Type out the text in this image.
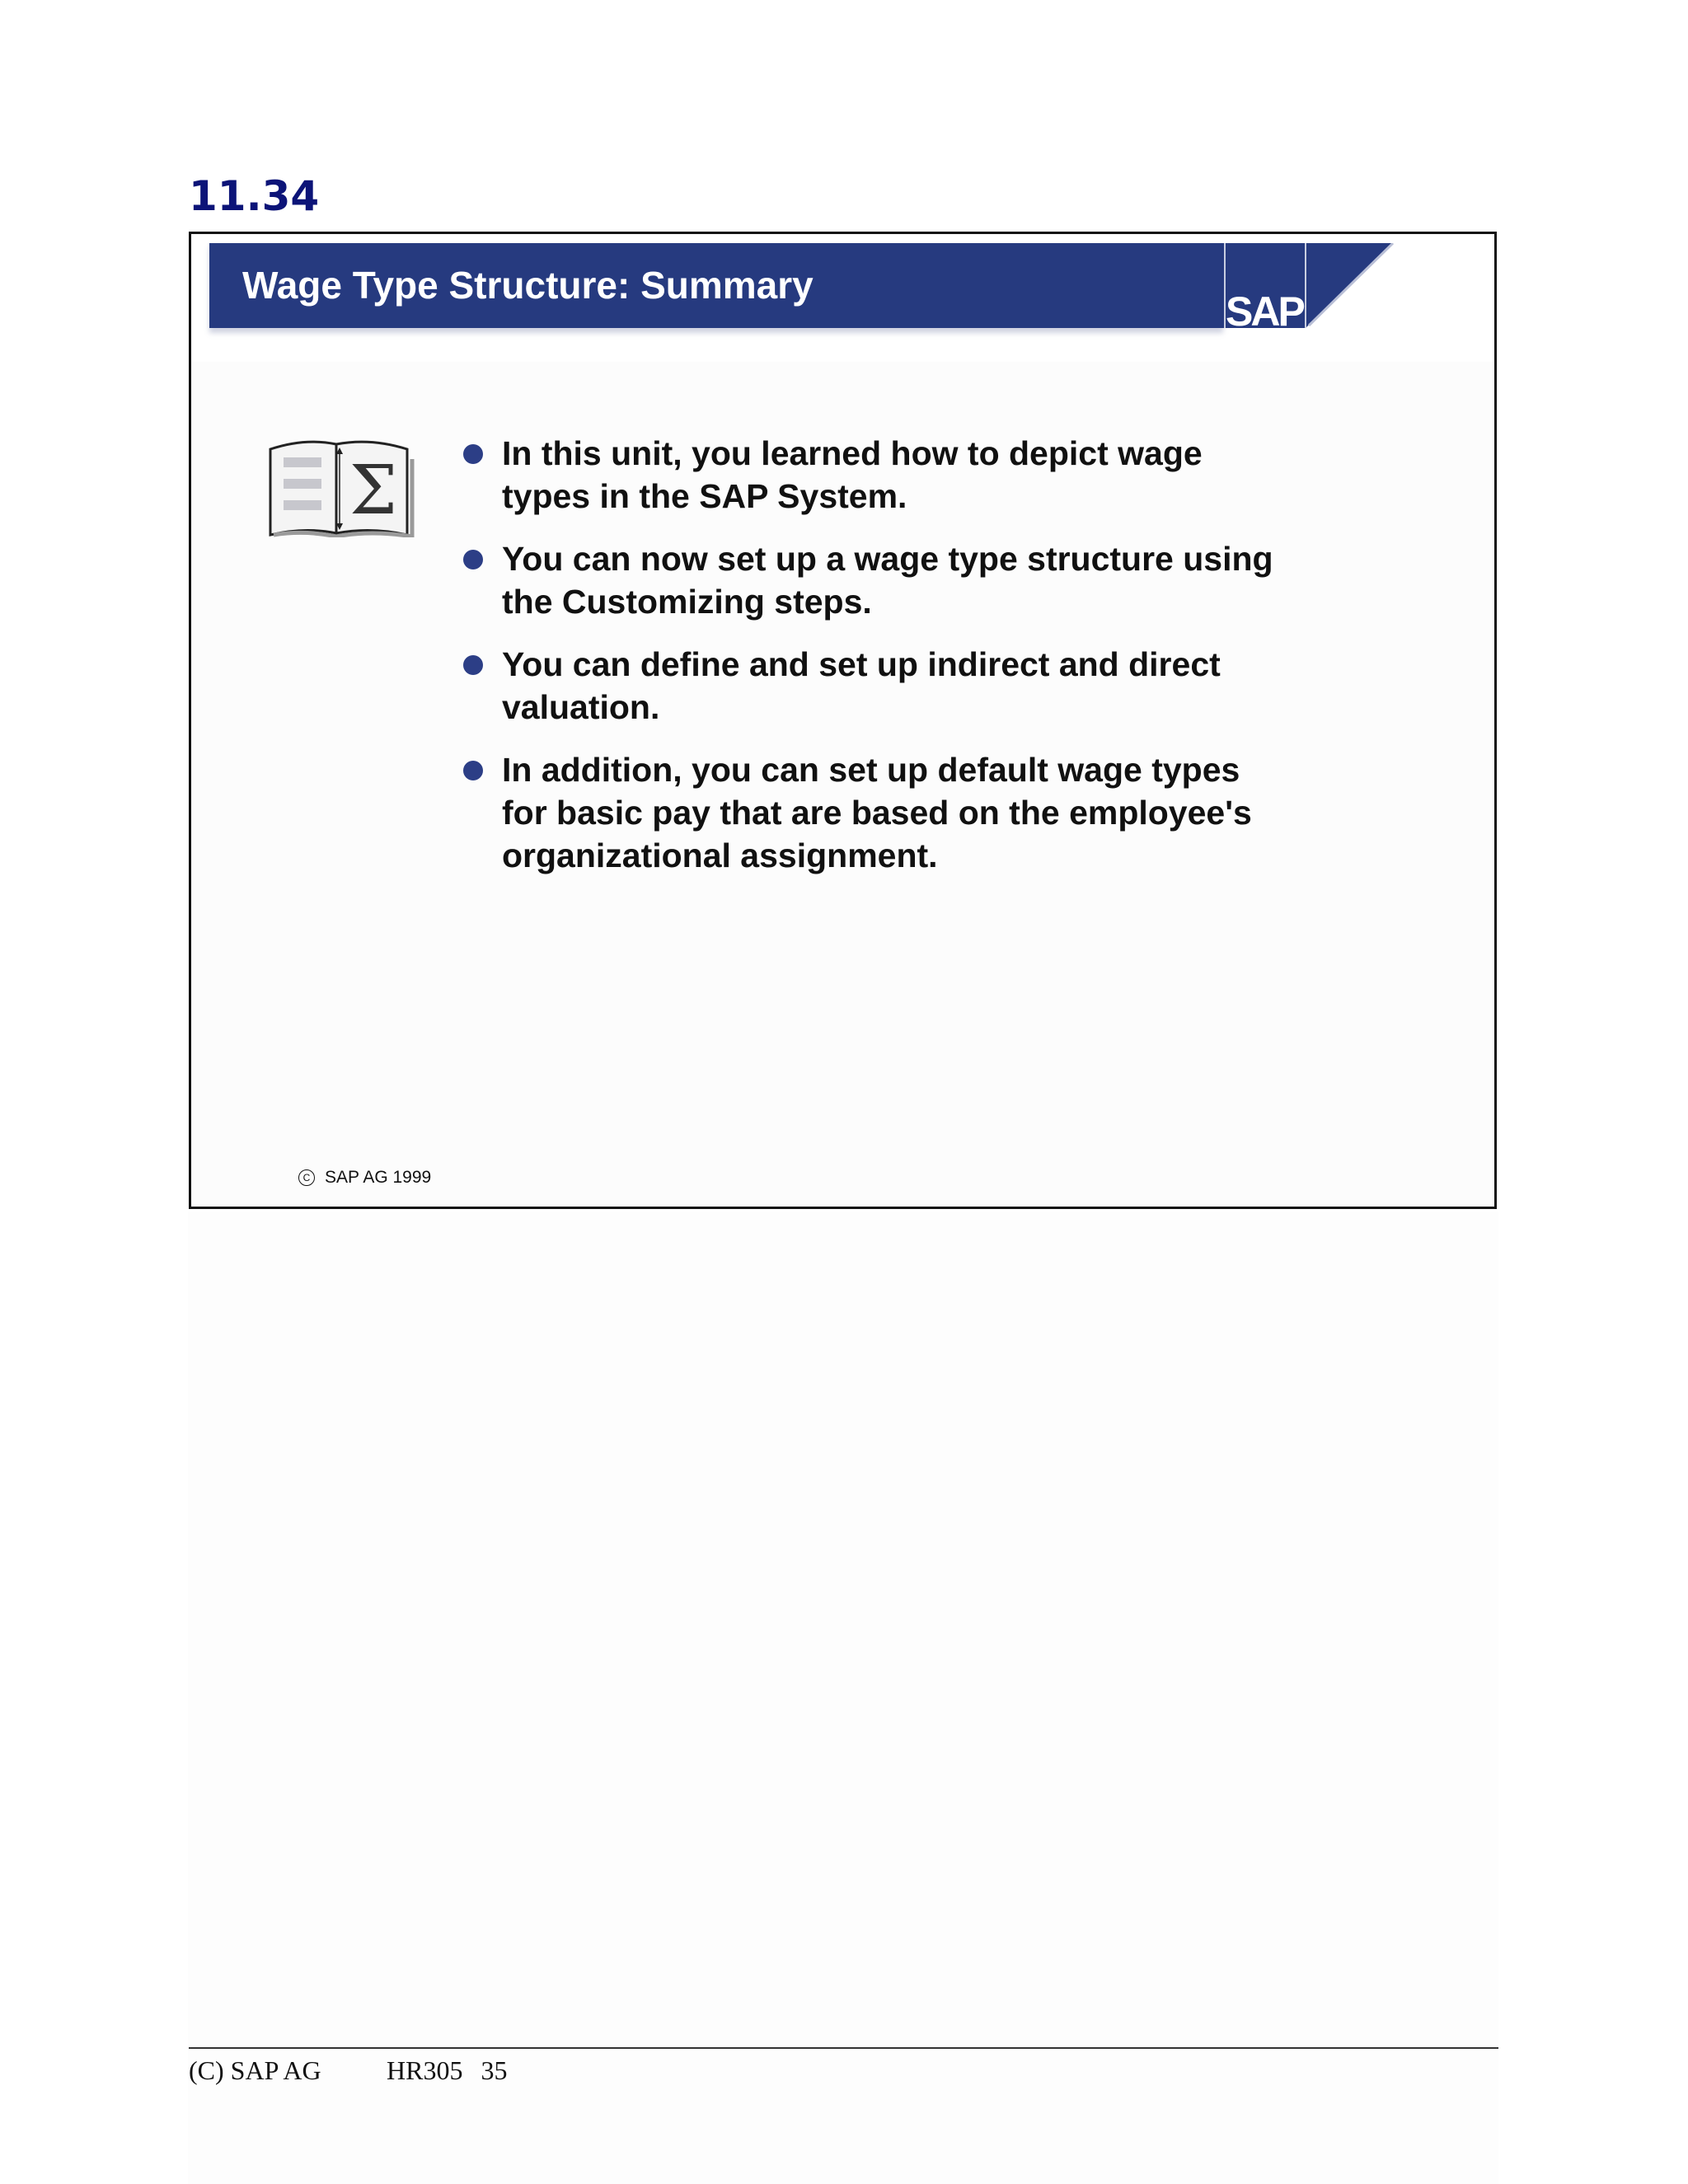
11.34
Wage Type Structure: Summary
SAP
Σ	In this unit, you learned how to depict wage types in the SAP System.
You can now set up a wage type structure using the Customizing steps.
You can define and set up indirect and direct valuation.
In addition, you can set up default wage types for basic pay that are based on the employee's organizational assignment.
C SAP AG 1999
(C) SAP AG HR305 35
